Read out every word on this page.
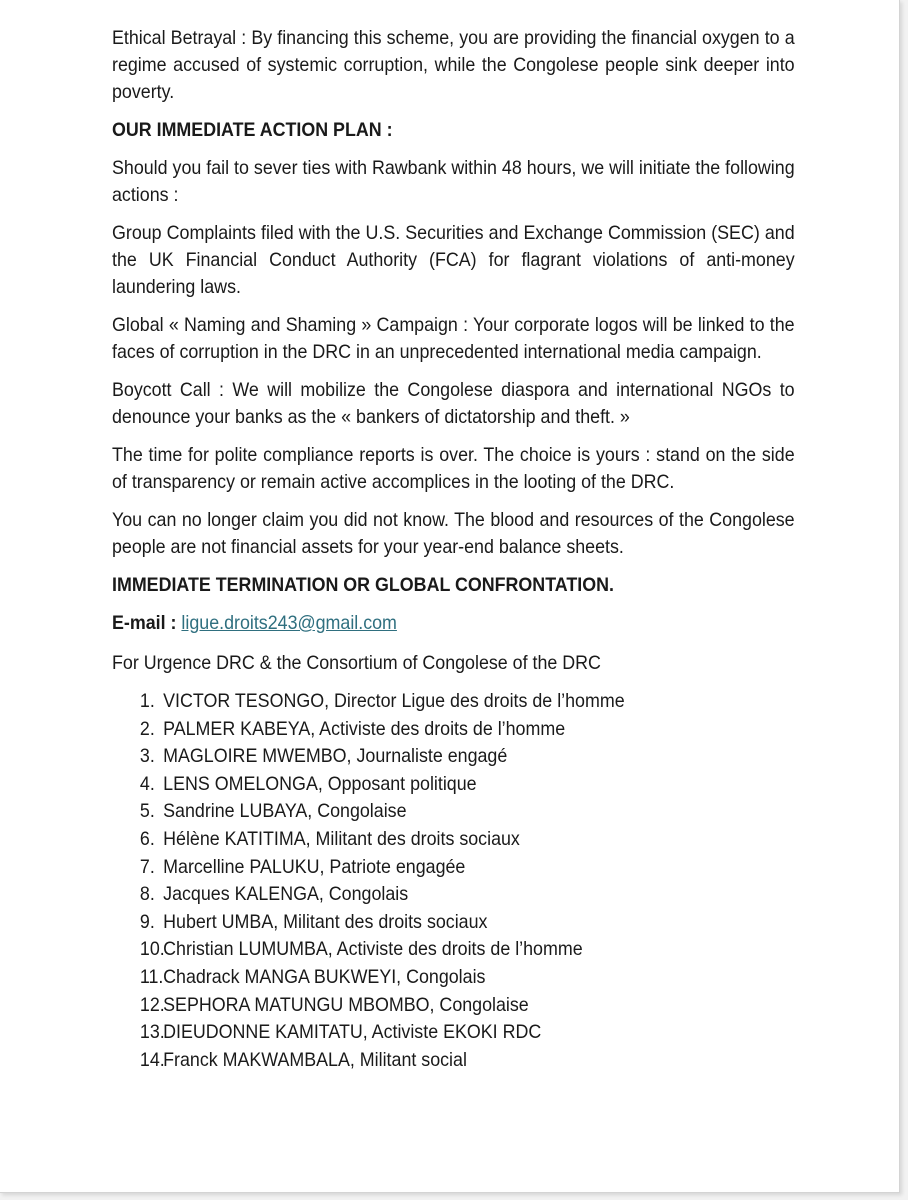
Ethical Betrayal : By financing this scheme, you are providing the financial oxygen to a regime accused of systemic corruption, while the Congolese people sink deeper into poverty.

OUR IMMEDIATE ACTION PLAN :

Should you fail to sever ties with Rawbank within 48 hours, we will initiate the following actions :

Group Complaints filed with the U.S. Securities and Exchange Commission (SEC) and the UK Financial Conduct Authority (FCA) for flagrant violations of anti-money laundering laws.

Global « Naming and Shaming » Campaign : Your corporate logos will be linked to the faces of corruption in the DRC in an unprecedented international media campaign.

Boycott Call : We will mobilize the Congolese diaspora and international NGOs to denounce your banks as the « bankers of dictatorship and theft. »

The time for polite compliance reports is over. The choice is yours : stand on the side of transparency or remain active accomplices in the looting of the DRC.

You can no longer claim you did not know. The blood and resources of the Congolese people are not financial assets for your year-end balance sheets.

IMMEDIATE TERMINATION OR GLOBAL CONFRONTATION.

E-mail : ligue.droits243@gmail.com

For Urgence DRC & the Consortium of Congolese of the DRC

1. VICTOR TESONGO, Director Ligue des droits de l’homme
2. PALMER KABEYA, Activiste des droits de l’homme
3. MAGLOIRE MWEMBO, Journaliste engagé
4. LENS OMELONGA, Opposant politique
5. Sandrine LUBAYA, Congolaise
6. Hélène KATITIMA, Militant des droits sociaux
7. Marcelline PALUKU, Patriote engagée
8. Jacques KALENGA, Congolais
9. Hubert UMBA, Militant des droits sociaux
10.
Christian LUMUMBA, Activiste des droits de l’homme
11. Chadrack MANGA BUKWEYI, Congolais
12.
SEPHORA MATUNGU MBOMBO, Congolaise
13.
DIEUDONNE KAMITATU, Activiste EKOKI RDC
14.
Franck MAKWAMBALA, Militant social
